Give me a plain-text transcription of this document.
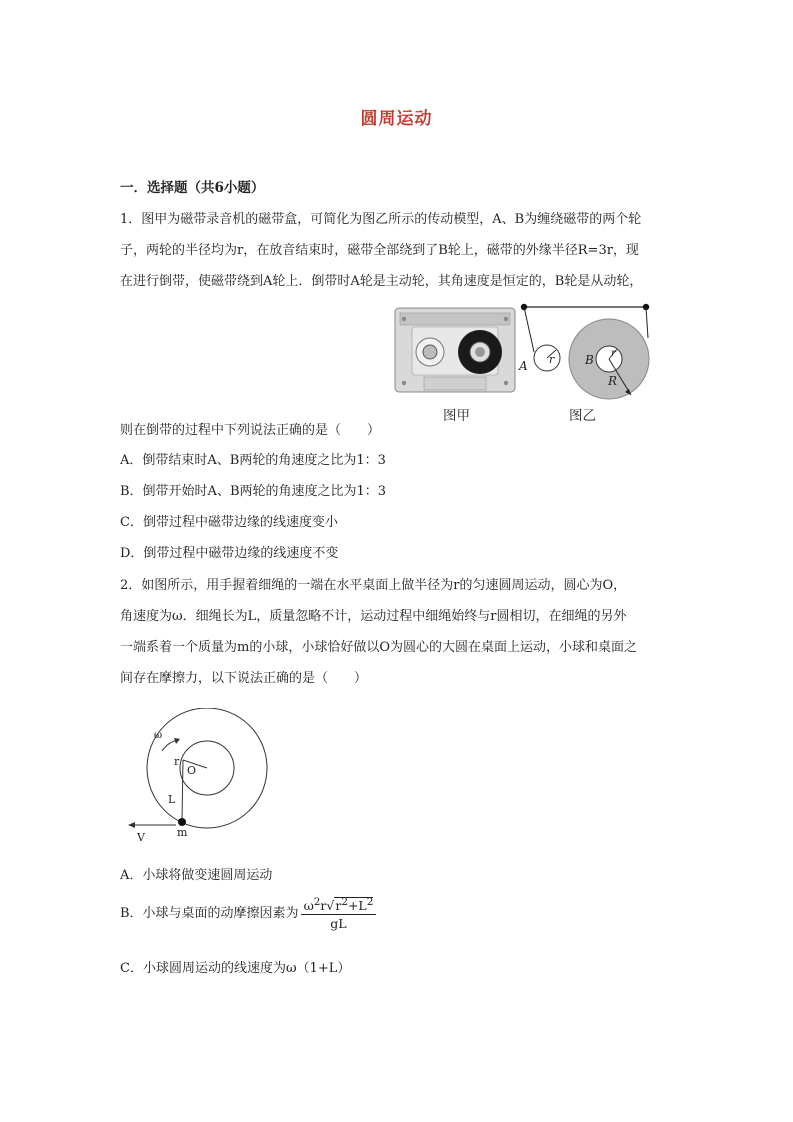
圆周运动
一．选择题（共6小题）
1．图甲为磁带录音机的磁带盒，可简化为图乙所示的传动模型，A、B为缠绕磁带的两个轮
子，两轮的半径均为r，在放音结束时，磁带全部绕到了B轮上，磁带的外缘半径R=3r，现
在进行倒带，使磁带绕到A轮上．倒带时A轮是主动轮，其角速度是恒定的，B轮是从动轮，
r
A
r
B
R
图甲	图乙
则在倒带的过程中下列说法正确的是（　　）
A．倒带结束时A、B两轮的角速度之比为1：3
B．倒带开始时A、B两轮的角速度之比为1：3
C．倒带过程中磁带边缘的线速度变小
D．倒带过程中磁带边缘的线速度不变
2．如图所示，用手握着细绳的一端在水平桌面上做半径为r的匀速圆周运动，圆心为O，
角速度为ω．细绳长为L，质量忽略不计，运动过程中细绳始终与r圆相切，在细绳的另外
一端系着一个质量为m的小球，小球恰好做以O为圆心的大圆在桌面上运动，小球和桌面之
间存在摩擦力，以下说法正确的是（　　）
ω
r
O
L
V	m
A．小球将做变速圆周运动
B．小球与桌面的动摩擦因素为 $\frac{\omega^2r√r^2+L^2}{gL}$
C．小球圆周运动的线速度为ω（1+L）
